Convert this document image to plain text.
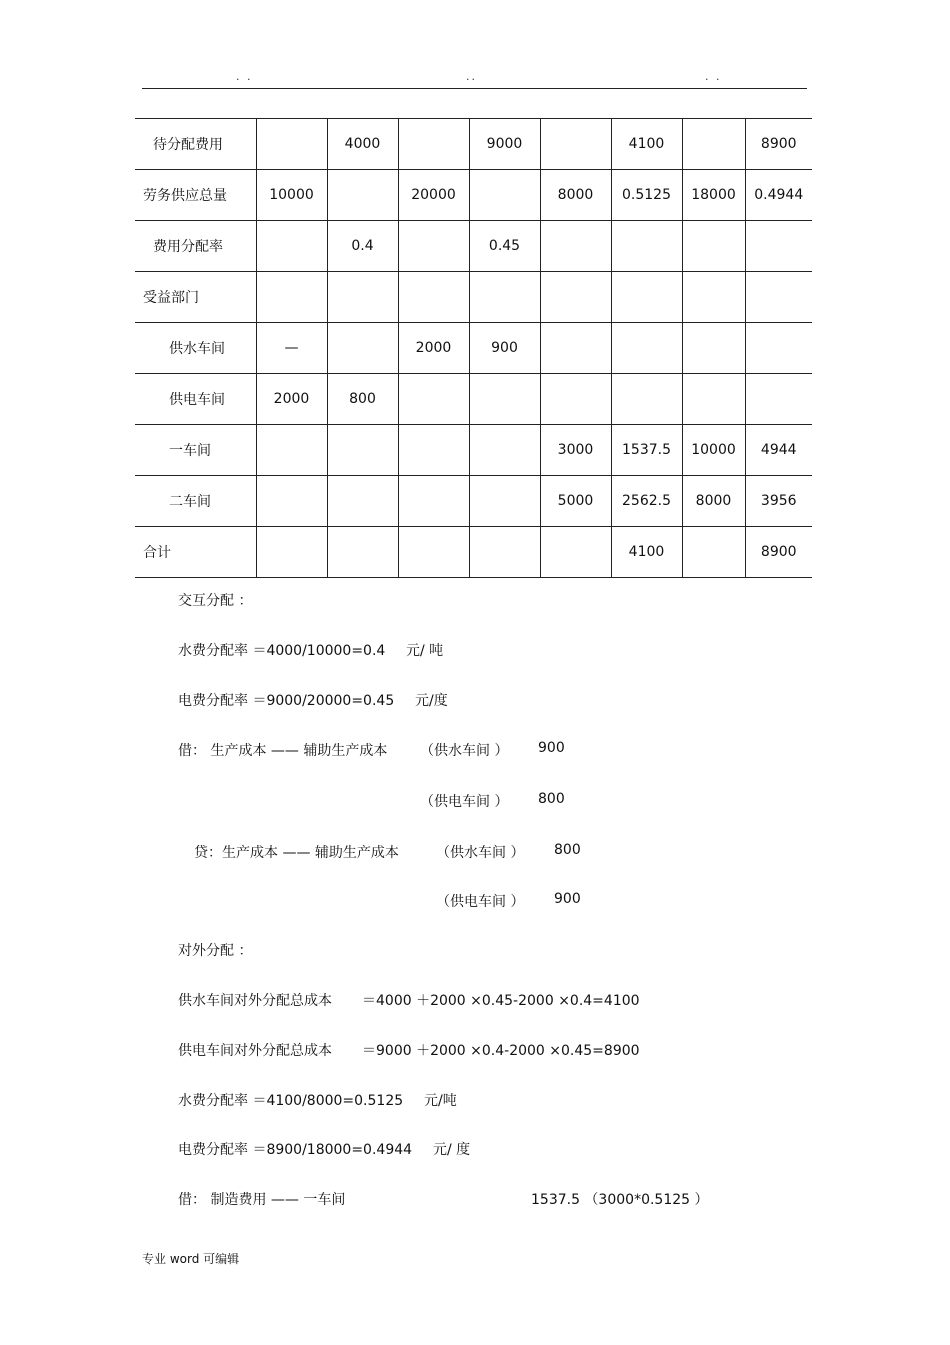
. .	..	. .
待分配费用		4000		9000		4100		8900
劳务供应总量	10000		20000		8000	0.5125	18000	0.4944
费用分配率		0.4		0.45				
受益部门								
供水车间	—		2000	900				
供电车间	2000	800						
一车间					3000	1537.5	10000	4944
二车间					5000	2562.5	8000	3956
合计						4100		8900
交互分配 ：
水费分配率 ＝4000/10000=0.4 元/ 吨
电费分配率 ＝9000/20000=0.45 元/度
借： 生产成本 —— 辅助生产成本 （供水车间 ） 900
（供电车间 ） 800
贷：生产成本 —— 辅助生产成本	（供水车间 ） 800
（供电车间 ） 900
对外分配 ：
供水车间对外分配总成本 ＝4000 ＋2000 ×0.45-2000 ×0.4=4100
供电车间对外分配总成本 ＝9000 ＋2000 ×0.4-2000 ×0.45=8900
水费分配率 ＝4100/8000=0.5125 元/吨
电费分配率 ＝8900/18000=0.4944 元/ 度
借： 制造费用 —— 一车间	1537.5 （3000*0.5125 ）
专业 word 可编辑
